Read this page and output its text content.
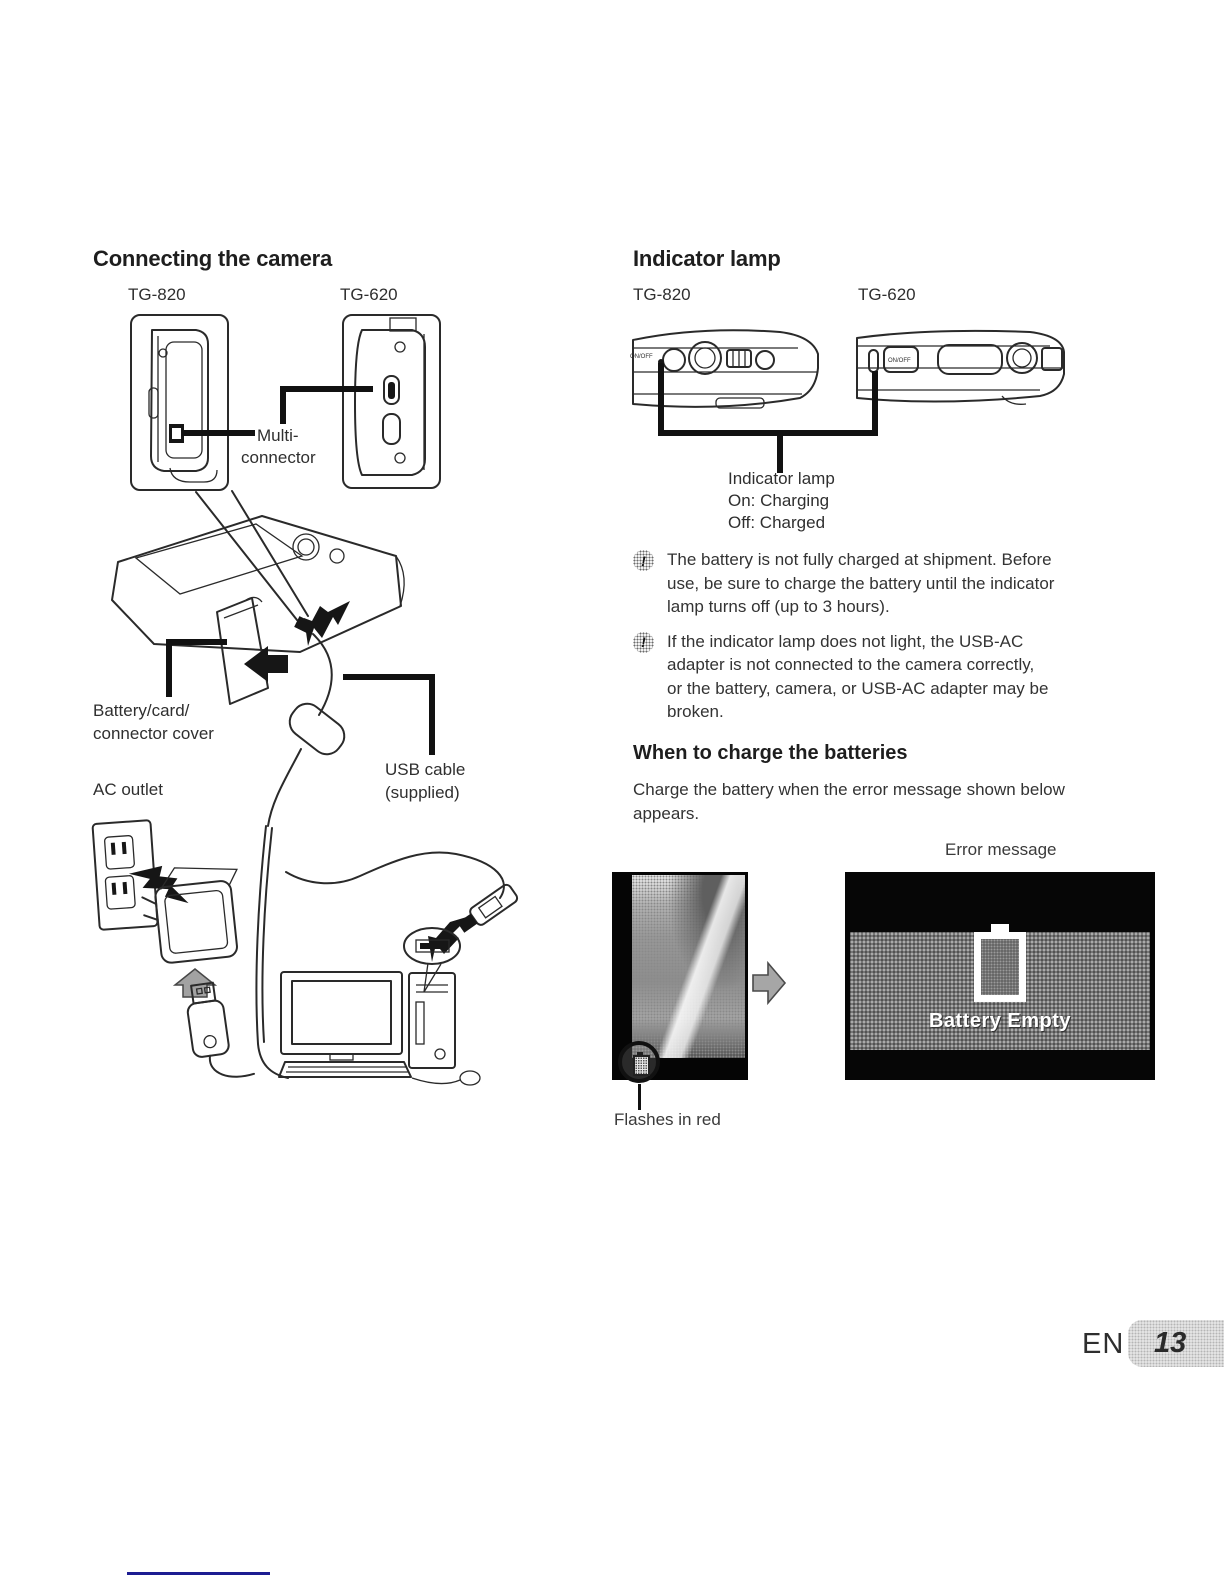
Connecting the camera
TG-820	TG-620
Multi-
connector
Battery/card/
connector cover
USB cable
(supplied)
AC outlet
Indicator lamp
TG-820	TG-620
ON/OFF
ON/OFF
Indicator lamp
On: Charging
Off: Charged
!	The battery is not fully charged at shipment. Before
use, be sure to charge the battery until the indicator
lamp turns off (up to 3 hours).
!	If the indicator lamp does not light, the USB-AC
adapter is not connected to the camera correctly,
or the battery, camera, or USB-AC adapter may be
broken.
When to charge the batteries
Charge the battery when the error message shown below
appears.
Error message
Flashes in red
Battery Empty
EN 13
